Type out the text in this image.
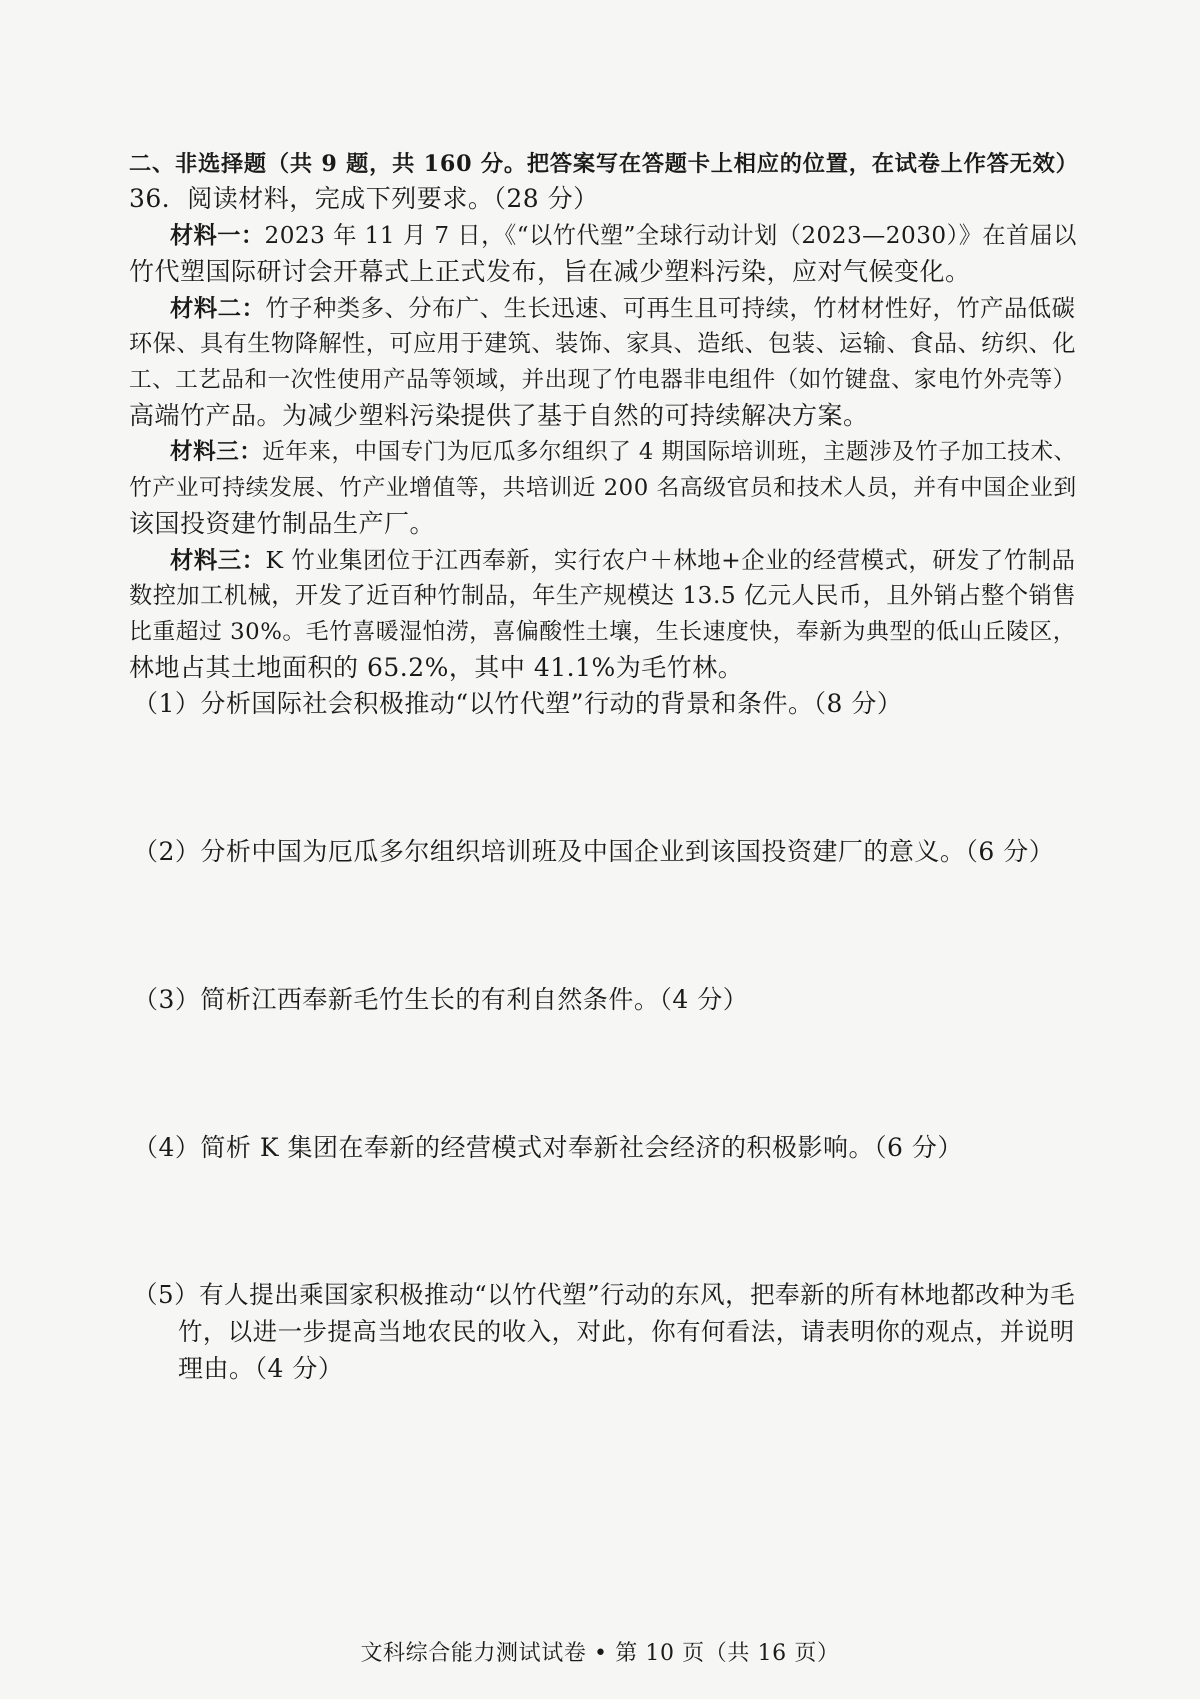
二、非选择题（共 9 题，共 160 分。把答案写在答题卡上相应的位置，在试卷上作答无效）
36．阅读材料，完成下列要求。（28 分）
材料一：2023 年 11 月 7 日，《“以竹代塑”全球行动计划（2023—2030）》在首届以
竹代塑国际研讨会开幕式上正式发布，旨在减少塑料污染，应对气候变化。
材料二：竹子种类多、分布广、生长迅速、可再生且可持续，竹材材性好，竹产品低碳
环保、具有生物降解性，可应用于建筑、装饰、家具、造纸、包装、运输、食品、纺织、化
工、工艺品和一次性使用产品等领域，并出现了竹电器非电组件（如竹键盘、家电竹外壳等）
高端竹产品。为减少塑料污染提供了基于自然的可持续解决方案。
材料三：近年来，中国专门为厄瓜多尔组织了 4 期国际培训班，主题涉及竹子加工技术、
竹产业可持续发展、竹产业增值等，共培训近 200 名高级官员和技术人员，并有中国企业到
该国投资建竹制品生产厂。
材料三：K 竹业集团位于江西奉新，实行农户＋林地+企业的经营模式，研发了竹制品
数控加工机械，开发了近百种竹制品，年生产规模达 13.5 亿元人民币，且外销占整个销售
比重超过 30%。毛竹喜暖湿怕涝，喜偏酸性土壤，生长速度快，奉新为典型的低山丘陵区，
林地占其土地面积的 65.2%，其中 41.1%为毛竹林。
（1）分析国际社会积极推动“以竹代塑”行动的背景和条件。（8 分）
（2）分析中国为厄瓜多尔组织培训班及中国企业到该国投资建厂的意义。（6 分）
（3）简析江西奉新毛竹生长的有利自然条件。（4 分）
（4）简析 K 集团在奉新的经营模式对奉新社会经济的积极影响。（6 分）
（5）有人提出乘国家积极推动“以竹代塑”行动的东风，把奉新的所有林地都改种为毛
竹，以进一步提高当地农民的收入，对此，你有何看法，请表明你的观点，并说明
理由。（4 分）
文科综合能力测试试卷 • 第 10 页（共 16 页）
